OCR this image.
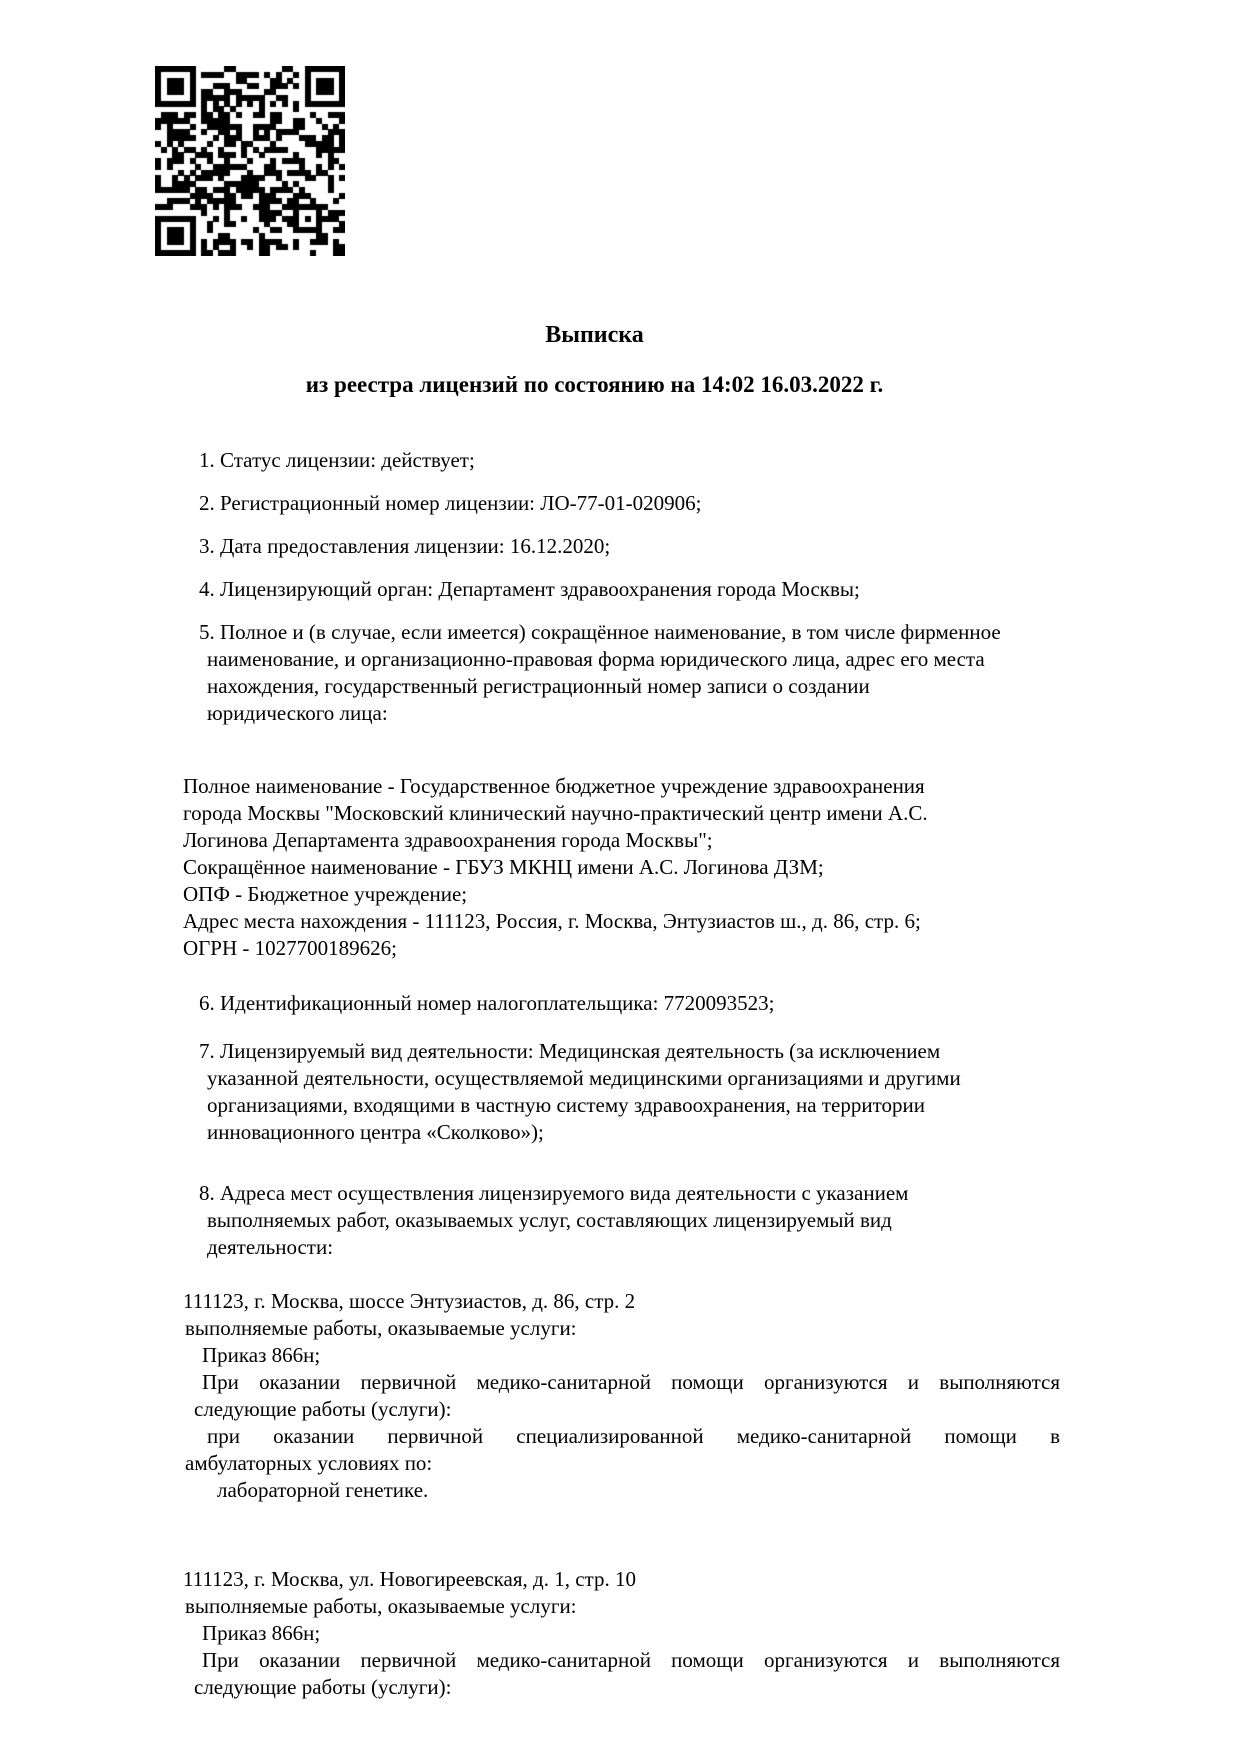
Выписка
из реестра лицензий по состоянию на 14:02 16.03.2022 г.
1. Статус лицензии: действует;
2. Регистрационный номер лицензии: ЛО-77-01-020906;
3. Дата предоставления лицензии: 16.12.2020;
4. Лицензирующий орган: Департамент здравоохранения города Москвы;
5. Полное и (в случае, если имеется) сокращённое наименование, в том числе фирменное
наименование, и организационно-правовая форма юридического лица, адрес его места
нахождения, государственный регистрационный номер записи о создании
юридического лица:
Полное наименование - Государственное бюджетное учреждение здравоохранения
города Москвы "Московский клинический научно-практический центр имени А.С.
Логинова Департамента здравоохранения города Москвы";
Сокращённое наименование - ГБУЗ МКНЦ имени А.С. Логинова ДЗМ;
ОПФ - Бюджетное учреждение;
Адрес места нахождения - 111123, Россия, г. Москва, Энтузиастов ш., д. 86, стр. 6;
ОГРН - 1027700189626;
6. Идентификационный номер налогоплательщика: 7720093523;
7. Лицензируемый вид деятельности: Медицинская деятельность (за исключением
указанной деятельности, осуществляемой медицинскими организациями и другими
организациями, входящими в частную систему здравоохранения, на территории
инновационного центра «Сколково»);
8. Адреса мест осуществления лицензируемого вида деятельности с указанием
выполняемых работ, оказываемых услуг, составляющих лицензируемый вид
деятельности:
111123, г. Москва, шоссе Энтузиастов, д. 86, стр. 2
выполняемые работы, оказываемые услуги:
Приказ 866н;
При оказании первичной медико-санитарной помощи организуются и выполняются
следующие работы (услуги):
при оказании первичной специализированной медико-санитарной помощи в
амбулаторных условиях по:
лабораторной генетике.
111123, г. Москва, ул. Новогиреевская, д. 1, стр. 10
выполняемые работы, оказываемые услуги:
Приказ 866н;
При оказании первичной медико-санитарной помощи организуются и выполняются
следующие работы (услуги):
